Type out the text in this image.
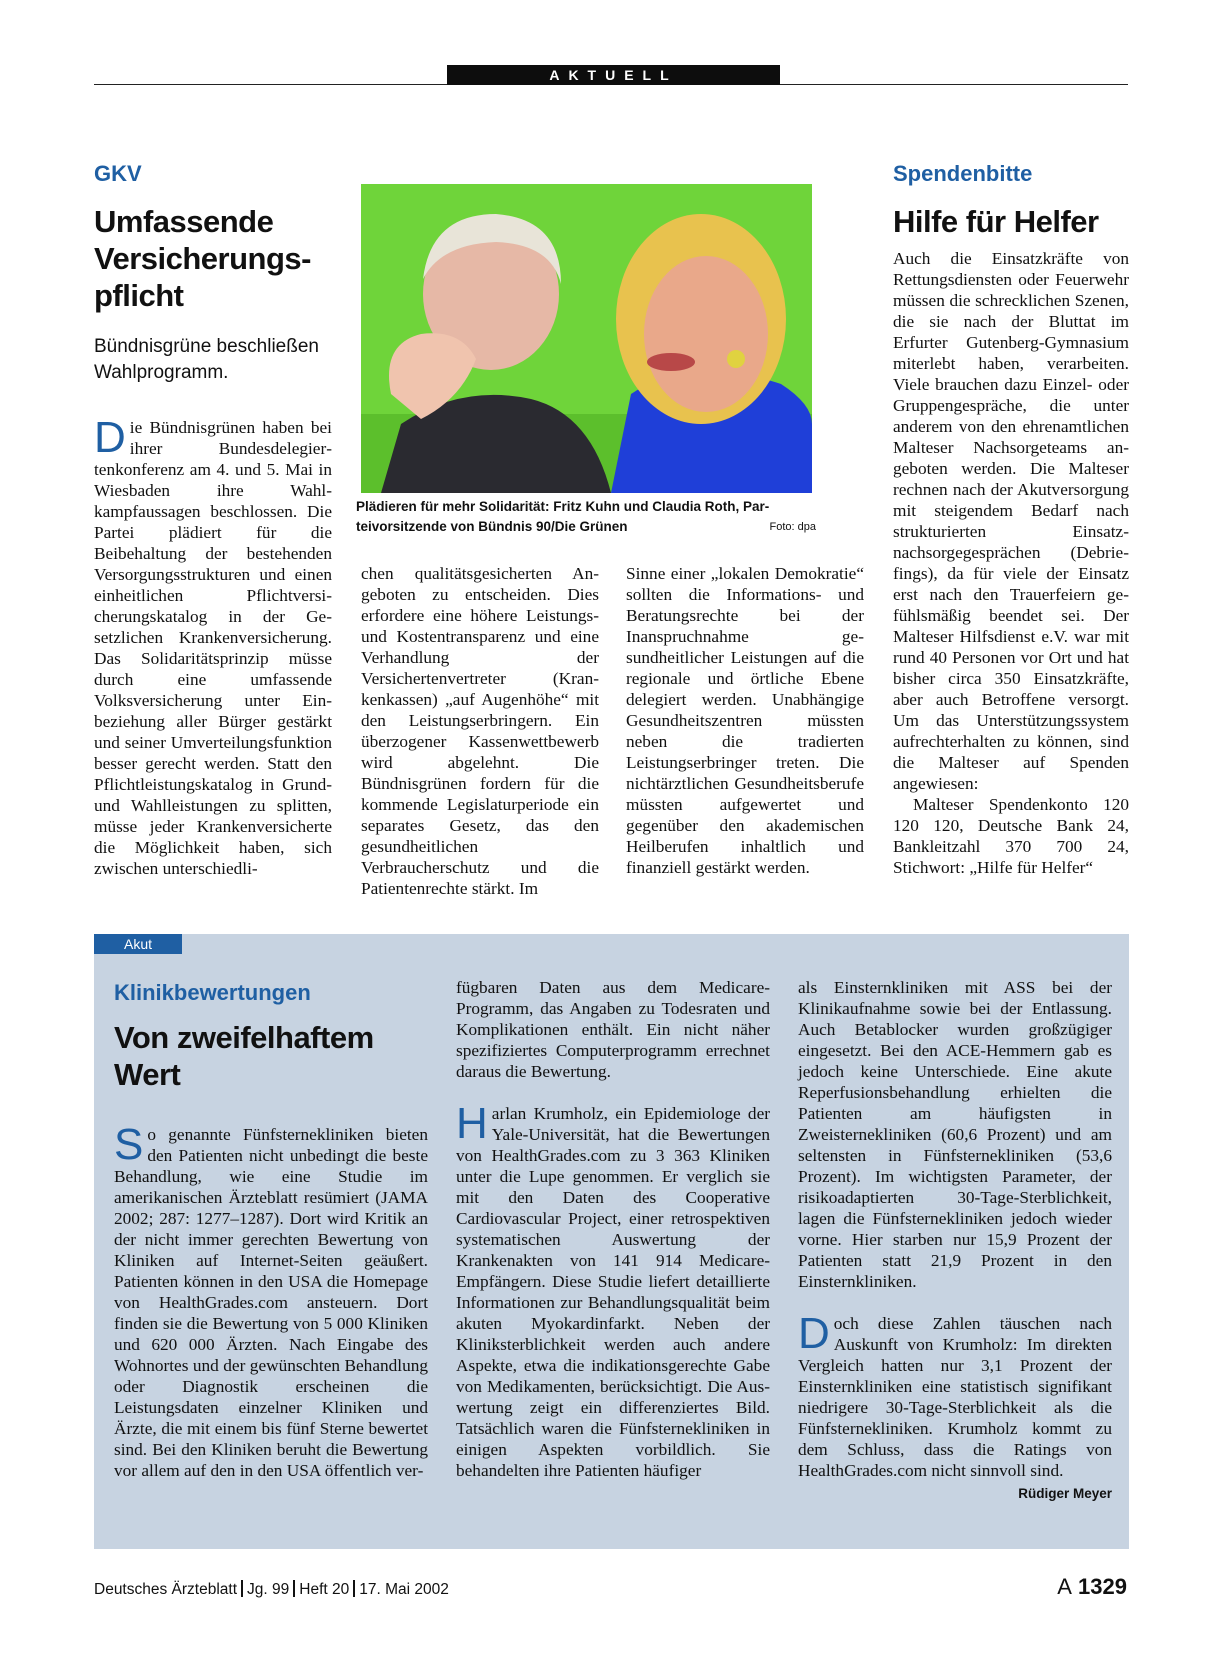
AKTUELL
GKV
Umfassende Versicherungs-pflicht
Bündnisgrüne beschließen Wahlprogramm.
Die Bündnisgrünen haben bei ihrer Bundesdelegiertenkonferenz am 4. und 5. Mai in Wiesbaden ihre Wahlkampfaussagen beschlossen. Die Partei plädiert für die Beibehaltung der bestehenden Versorgungsstrukturen und einen einheitlichen Pflichtversicherungskatalog in der Gesetzlichen Krankenversicherung. Das Solidaritätsprinzip müsse durch eine umfassende Volksversicherung unter Einbeziehung aller Bürger gestärkt und seiner Umverteilungsfunktion besser gerecht werden. Statt den Pflichtleistungskatalog in Grund- und Wahlleistungen zu splitten, müsse jeder Krankenversicherte die Möglichkeit haben, sich zwischen unterschiedli-
Plädieren für mehr Solidarität: Fritz Kuhn und Claudia Roth, Parteivorsitzende von Bündnis 90/Die Grünen	Foto: dpa
chen qualitätsgesicherten Angeboten zu entscheiden. Dies erfordere eine höhere Leistungs- und Kostentransparenz und eine Verhandlung der Versichertenvertreter (Krankenkassen) „auf Augenhöhe“ mit den Leistungserbringern. Ein überzogener Kassenwettbewerb wird abgelehnt. Die Bündnisgrünen fordern für die kommende Legislaturperiode ein separates Gesetz, das den gesundheitlichen Verbraucherschutz und die Patientenrechte stärkt. Im
Sinne einer „lokalen Demokratie“ sollten die Informations- und Beratungsrechte bei der Inanspruchnahme gesundheitlicher Leistungen auf die regionale und örtliche Ebene delegiert werden. Unabhängige Gesundheitszentren müssten neben die tradierten Leistungserbringer treten. Die nichtärztlichen Gesundheitsberufe müssten aufgewertet und gegenüber den akademischen Heilberufen inhaltlich und finanziell gestärkt werden.
Spendenbitte
Hilfe für Helfer

Auch die Einsatzkräfte von Rettungsdiensten oder Feuerwehr müssen die schrecklichen Szenen, die sie nach der Bluttat im Erfurter Gutenberg-Gymnasium miterlebt haben, verarbeiten. Viele brauchen dazu Einzel- oder Gruppengespräche, die unter anderem von den ehrenamtlichen Malteser Nachsorgeteams angeboten werden. Die Malteser rechnen nach der Akutversorgung mit steigendem Bedarf nach strukturierten Einsatznachsorgegesprächen (Debriefings), da für viele der Einsatz erst nach den Trauerfeiern gefühlsmäßig beendet sei. Der Malteser Hilfsdienst e.V. war mit rund 40 Personen vor Ort und hat bisher circa 350 Einsatzkräfte, aber auch Betroffene versorgt. Um das Unterstützungssystem aufrechterhalten zu können, sind die Malteser auf Spenden angewiesen:

Malteser Spendenkonto 120 120 120, Deutsche Bank 24, Bankleitzahl 370 700 24, Stichwort: „Hilfe für Helfer“

Akut
Klinikbewertungen
Von zweifelhaftem Wert
So genannte Fünfsternekliniken bieten den Patienten nicht unbedingt die beste Behandlung, wie eine Studie im amerikanischen Ärzteblatt resümiert (JAMA 2002; 287: 1277–1287). Dort wird Kritik an der nicht immer gerechten Bewertung von Kliniken auf Internet-Seiten geäußert. Patienten können in den USA die Homepage von HealthGrades.com ansteuern. Dort finden sie die Bewertung von 5 000 Kliniken und 620 000 Ärzten. Nach Eingabe des Wohnortes und der gewünschten Behandlung oder Diagnostik erscheinen die Leistungsdaten einzelner Kliniken und Ärzte, die mit einem bis fünf Sterne bewertet sind. Bei den Kliniken beruht die Bewertung vor allem auf den in den USA öffentlich ver-

fügbaren Daten aus dem Medicare-Programm, das Angaben zu Todesraten und Komplikationen enthält. Ein nicht näher spezifiziertes Computerprogramm errechnet daraus die Bewertung.

Harlan Krumholz, ein Epidemiologe der Yale-Universität, hat die Bewertungen von HealthGrades.com zu 3 363 Kliniken unter die Lupe genommen. Er verglich sie mit den Daten des Cooperative Cardiovascular Project, einer retrospektiven systematischen Auswertung der Krankenakten von 141 914 Medicare-Empfängern. Diese Studie liefert detaillierte Informationen zur Behandlungsqualität beim akuten Myokardinfarkt. Neben der Kliniksterblichkeit werden auch andere Aspekte, etwa die indikationsgerechte Gabe von Medikamenten, berücksichtigt. Die Auswertung zeigt ein differenziertes Bild. Tatsächlich waren die Fünfsternekliniken in einigen Aspekten vorbildlich. Sie behandelten ihre Patienten häufiger

als Einsternkliniken mit ASS bei der Klinikaufnahme sowie bei der Entlassung. Auch Betablocker wurden großzügiger eingesetzt. Bei den ACE-Hemmern gab es jedoch keine Unterschiede. Eine akute Reperfusionsbehandlung erhielten die Patienten am häufigsten in Zweisternekliniken (60,6 Prozent) und am seltensten in Fünfsternekliniken (53,6 Prozent). Im wichtigsten Parameter, der risikoadaptierten 30-Tage-Sterblichkeit, lagen die Fünfsternekliniken jedoch wieder vorne. Hier starben nur 15,9 Prozent der Patienten statt 21,9 Prozent in den Einsternkliniken.

Doch diese Zahlen täuschen nach Auskunft von Krumholz: Im direkten Vergleich hatten nur 3,1 Prozent der Einsternkliniken eine statistisch signifikant niedrigere 30-Tage-Sterblichkeit als die Fünfsternekliniken. Krumholz kommt zu dem Schluss, dass die Ratings von HealthGrades.com nicht sinnvoll sind.
Rüdiger Meyer

Deutsches Ärzteblatt Jg. 99 Heft 20 17. Mai 2002	A 1329
